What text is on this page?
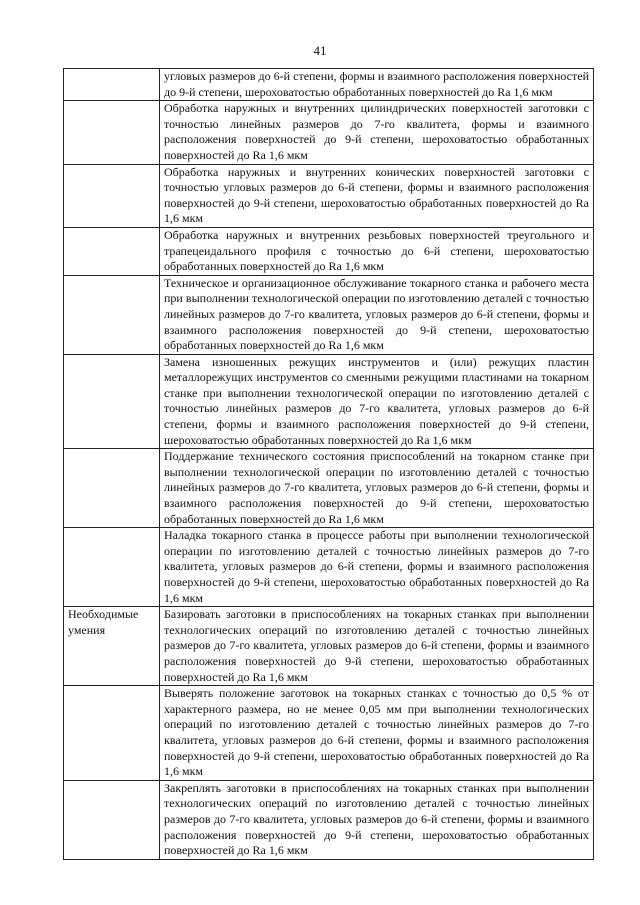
41
	угловых размеров до 6-й степени, формы и взаимного расположения поверхностей до 9-й степени, шероховатостью обработанных поверхностей до Ra 1,6 мкм
	Обработка наружных и внутренних цилиндрических поверхностей заготовки с точностью линейных размеров до 7-го квалитета, формы и взаимного расположения поверхностей до 9-й степени, шероховатостью обработанных поверхностей до Ra 1,6 мкм
	Обработка наружных и внутренних конических поверхностей заготовки с точностью угловых размеров до 6-й степени, формы и взаимного расположения поверхностей до 9-й степени, шероховатостью обработанных поверхностей до Ra 1,6 мкм
	Обработка наружных и внутренних резьбовых поверхностей треугольного и трапецеидального профиля с точностью до 6-й степени, шероховатостью обработанных поверхностей до Ra 1,6 мкм
	Техническое и организационное обслуживание токарного станка и рабочего места при выполнении технологической операции по изготовлению деталей с точностью линейных размеров до 7-го квалитета, угловых размеров до 6-й степени, формы и взаимного расположения поверхностей до 9-й степени, шероховатостью обработанных поверхностей до Ra 1,6 мкм
	Замена изношенных режущих инструментов и (или) режущих пластин металлорежущих инструментов со сменными режущими пластинами на токарном станке при выполнении технологической операции по изготовлению деталей с точностью линейных размеров до 7-го квалитета, угловых размеров до 6-й степени, формы и взаимного расположения поверхностей до 9-й степени, шероховатостью обработанных поверхностей до Ra 1,6 мкм
	Поддержание технического состояния приспособлений на токарном станке при выполнении технологической операции по изготовлению деталей с точностью линейных размеров до 7-го квалитета, угловых размеров до 6-й степени, формы и взаимного расположения поверхностей до 9-й степени, шероховатостью обработанных поверхностей до Ra 1,6 мкм
	Наладка токарного станка в процессе работы при выполнении технологической операции по изготовлению деталей с точностью линейных размеров до 7-го квалитета, угловых размеров до 6-й степени, формы и взаимного расположения поверхностей до 9-й степени, шероховатостью обработанных поверхностей до Ra 1,6 мкм
Необходимые умения	Базировать заготовки в приспособлениях на токарных станках при выполнении технологических операций по изготовлению деталей с точностью линейных размеров до 7-го квалитета, угловых размеров до 6-й степени, формы и взаимного расположения поверхностей до 9-й степени, шероховатостью обработанных поверхностей до Ra 1,6 мкм
	Выверять положение заготовок на токарных станках с точностью до 0,5 % от характерного размера, но не менее 0,05 мм при выполнении технологических операций по изготовлению деталей с точностью линейных размеров до 7-го квалитета, угловых размеров до 6-й степени, формы и взаимного расположения поверхностей до 9-й степени, шероховатостью обработанных поверхностей до Ra 1,6 мкм
	Закреплять заготовки в приспособлениях на токарных станках при выполнении технологических операций по изготовлению деталей с точностью линейных размеров до 7-го квалитета, угловых размеров до 6-й степени, формы и взаимного расположения поверхностей до 9-й степени, шероховатостью обработанных поверхностей до Ra 1,6 мкм
